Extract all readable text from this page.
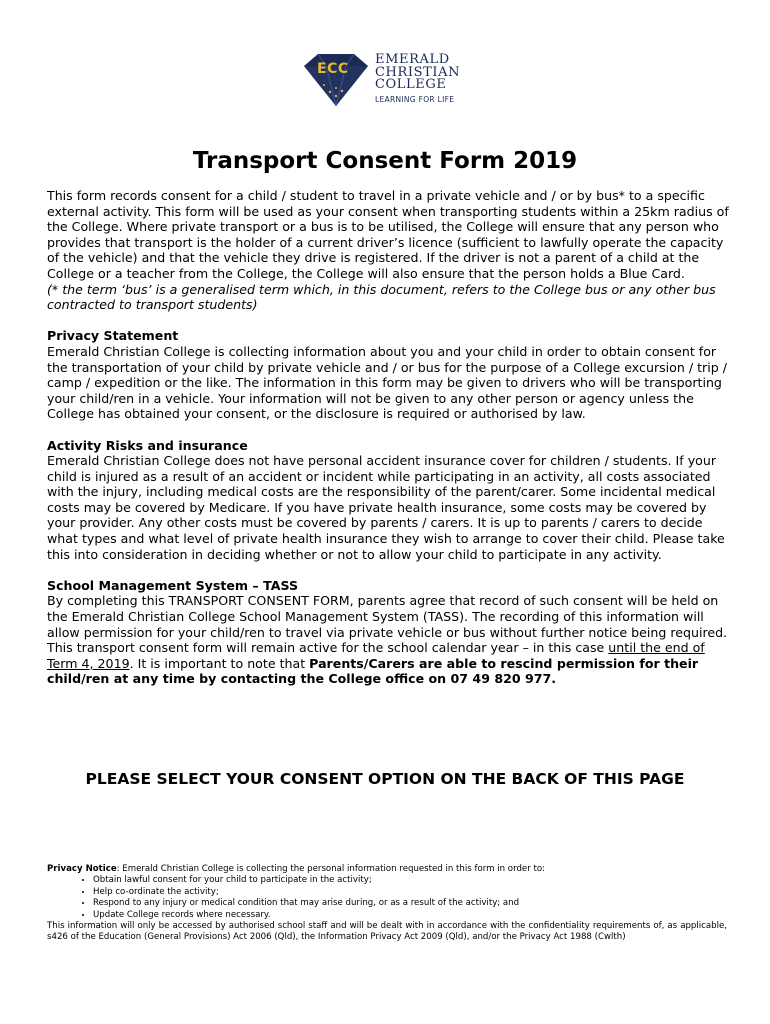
ECC
EMERALD
CHRISTIAN
COLLEGE
LEARNING FOR LIFE
Transport Consent Form 2019

This form records consent for a child / student to travel in a private vehicle and / or by bus* to a specific external activity. This form will be used as your consent when transporting students within a 25km radius of the College. Where private transport or a bus is to be utilised, the College will ensure that any person who provides that transport is the holder of a current driver’s licence (sufficient to lawfully operate the capacity of the vehicle) and that the vehicle they drive is registered. If the driver is not a parent of a child at the College or a teacher from the College, the College will also ensure that the person holds a Blue Card.

(* the term ‘bus’ is a generalised term which, in this document, refers to the College bus or any other bus contracted to transport students)

Privacy Statement

Emerald Christian College is collecting information about you and your child in order to obtain consent for the transportation of your child by private vehicle and / or bus for the purpose of a College excursion / trip / camp / expedition or the like. The information in this form may be given to drivers who will be transporting your child/ren in a vehicle. Your information will not be given to any other person or agency unless the College has obtained your consent, or the disclosure is required or authorised by law.

Activity Risks and insurance

Emerald Christian College does not have personal accident insurance cover for children / students. If your child is injured as a result of an accident or incident while participating in an activity, all costs associated with the injury, including medical costs are the responsibility of the parent/carer. Some incidental medical costs may be covered by Medicare. If you have private health insurance, some costs may be covered by your provider. Any other costs must be covered by parents / carers. It is up to parents / carers to decide what types and what level of private health insurance they wish to arrange to cover their child. Please take this into consideration in deciding whether or not to allow your child to participate in any activity.

School Management System – TASS

By completing this TRANSPORT CONSENT FORM, parents agree that record of such consent will be held on the Emerald Christian College School Management System (TASS). The recording of this information will allow permission for your child/ren to travel via private vehicle or bus without further notice being required. This transport consent form will remain active for the school calendar year – in this case until the end of Term 4, 2019. It is important to note that Parents/Carers are able to rescind permission for their child/ren at any time by contacting the College office on 07 49 820 977.

PLEASE SELECT YOUR CONSENT OPTION ON THE BACK OF THIS PAGE

Privacy Notice: Emerald Christian College is collecting the personal information requested in this form in order to:

• Obtain lawful consent for your child to participate in the activity;
• Help co-ordinate the activity;
• Respond to any injury or medical condition that may arise during, or as a result of the activity; and
• Update College records where necessary.

This information will only be accessed by authorised school staff and will be dealt with in accordance with the confidentiality requirements of, as applicable, s426 of the Education (General Provisions) Act 2006 (Qld), the Information Privacy Act 2009 (Qld), and/or the Privacy Act 1988 (Cwlth)
